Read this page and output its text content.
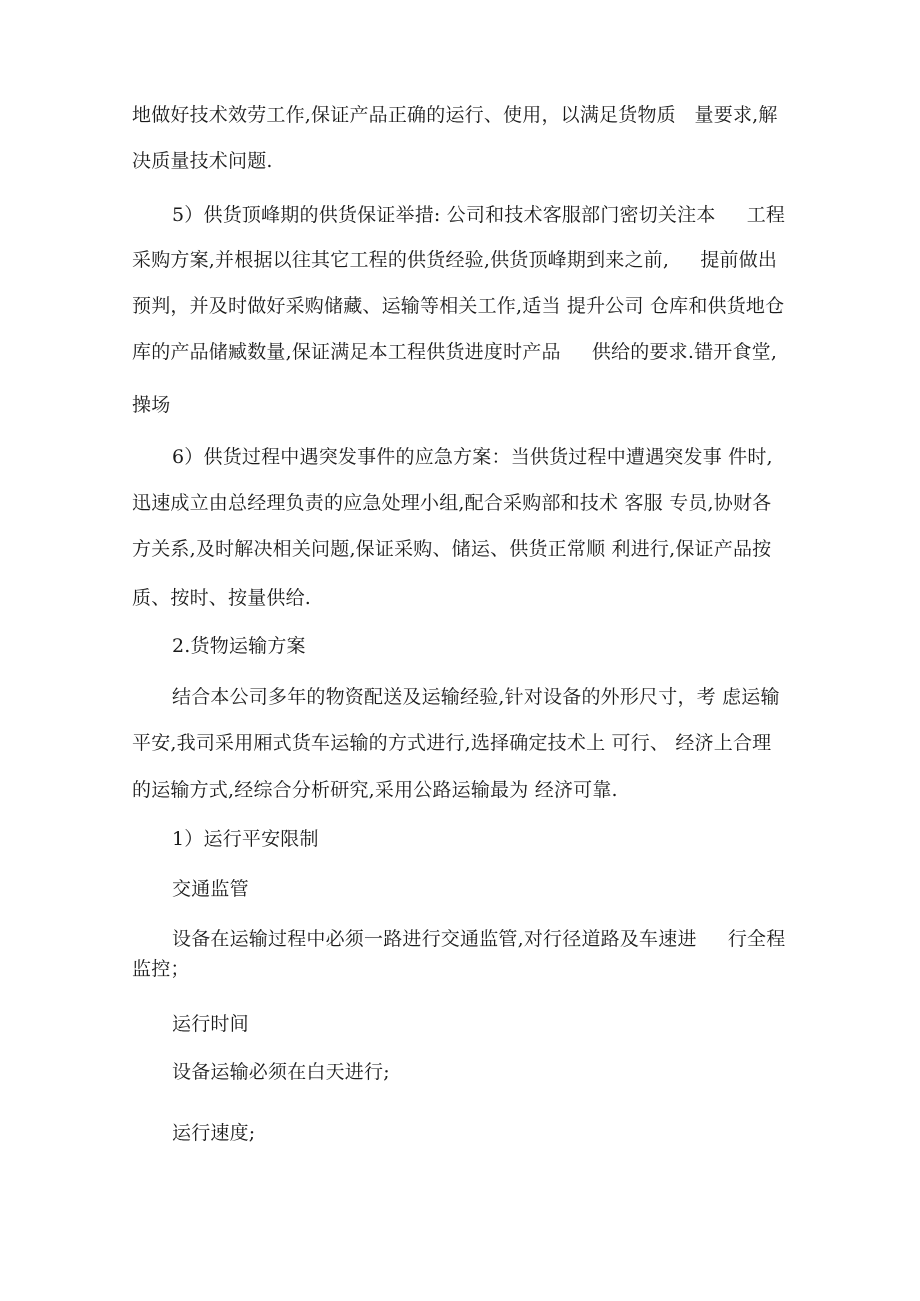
地做好技术效劳工作,保证产品正确的运行、使用，以满足货物质   量要求,解
决质量技术问题.
5）供货顶峰期的供货保证举措: 公司和技术客服部门密切关注本     工程
采购方案,并根据以往其它工程的供货经验,供货顶峰期到来之前,     提前做出
预判，并及时做好采购储藏、运输等相关工作,适当 提升公司 仓库和供货地仓
库的产品储臧数量,保证满足本工程供货进度时产品     供给的要求.错开食堂,
操场
6）供货过程中遇突发事件的应急方案：当供货过程中遭遇突发事 件时,
迅速成立由总经理负责的应急处理小组,配合采购部和技术 客服 专员,协财各
方关系,及时解决相关问题,保证采购、储运、供货正常顺 利进行,保证产品按
质、按时、按量供给.
2.货物运输方案
结合本公司多年的物资配送及运输经验,针对设备的外形尺寸，考 虑运输
平安,我司采用厢式货车运输的方式进行,选择确定技术上 可行、 经济上合理
的运输方式,经综合分析研究,采用公路运输最为 经济可靠.
1）运行平安限制
交通监管
设备在运输过程中必须一路进行交通监管,对行径道路及车速进     行全程
监控；
运行时间
设备运输必须在白天进行;
运行速度;
